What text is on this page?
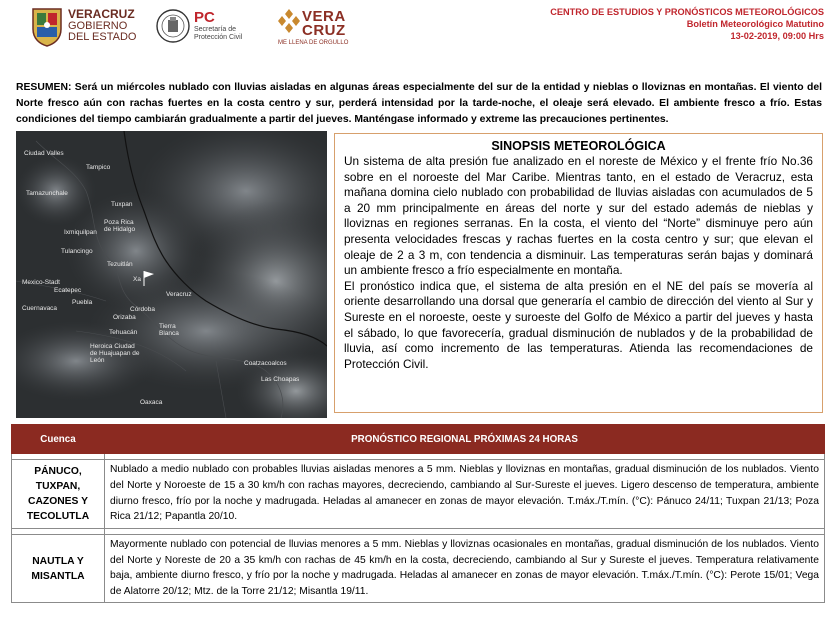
VERACRUZ
GOBIERNO
DEL ESTADO
PC
Secretaría de
Protección Civil
VERA
CRUZ
ME LLENA DE ORGULLO
CENTRO DE ESTUDIOS Y PRONÓSTICOS METEOROLÓGICOS
Boletín Meteorológico Matutino
13-02-2019, 09:00 Hrs
RESUMEN: Será un miércoles nublado con lluvias aisladas en algunas áreas especialmente del sur de la entidad y nieblas o lloviznas en montañas. El viento del Norte fresco aún con rachas fuertes en la costa centro y sur, perderá intensidad por la tarde-noche, el oleaje será elevado. El ambiente fresco a frío. Estas condiciones del tiempo cambiarán gradualmente a partir del jueves. Manténgase informado y extreme las precauciones pertinentes.
Ciudad Valles
Tampico
Tamazunchale
Tuxpan
Poza Rica de Hidalgo
Ixmiquilpan
Tulancingo
Tezuitlán
Xa
Mexico-Stadt
Ecatepec
Cuernavaca
Puebla
Orizaba
Córdoba
Veracruz
Tehuacán
Tierra Blanca
Heroica Ciudad de Huajuapan de León	Coatzacoalcos
Las Choapas
Oaxaca
SINOPSIS METEOROLÓGICA

Un sistema de alta presión fue analizado en el noreste de México y el frente frío No.36 sobre en el noroeste del Mar Caribe. Mientras tanto, en el estado de Veracruz, esta mañana domina cielo nublado con probabilidad de lluvias aisladas con acumulados de 5 a 20 mm principalmente en áreas del norte y sur del estado además de nieblas y lloviznas en regiones serranas. En la costa, el viento del “Norte” disminuye pero aún presenta velocidades frescas y rachas fuertes en la costa centro y sur; que elevan el oleaje de 2 a 3 m, con tendencia a disminuir. Las temperaturas serán bajas y dominará un ambiente fresco a frío especialmente en montaña.

El pronóstico indica que, el sistema de alta presión en el NE del país se movería al oriente desarrollando una dorsal que generaría el cambio de dirección del viento al Sur y Sureste en el noroeste, oeste y suroeste del Golfo de México a partir del jueves y hasta el sábado, lo que favorecería, gradual disminución de nublados y de la probabilidad de lluvia, así como incremento de las temperaturas. Atienda las recomendaciones de Protección Civil.

Cuenca	PRONÓSTICO REGIONAL PRÓXIMAS 24 HORAS

PÁNUCO, TUXPAN, CAZONES Y TECOLUTLA	Nublado a medio nublado con probables lluvias aisladas menores a 5 mm. Nieblas y lloviznas en montañas, gradual disminución de los nublados. Viento del Norte y Noroeste de 15 a 30 km/h con rachas mayores, decreciendo, cambiando al Sur-Sureste el jueves. Ligero descenso de temperatura, ambiente diurno fresco, frío por la noche y madrugada. Heladas al amanecer en zonas de mayor elevación. T.máx./T.mín. (°C): Pánuco 24/11; Tuxpan 21/13; Poza Rica 21/12; Papantla 20/10.

NAUTLA Y MISANTLA	Mayormente nublado con potencial de lluvias menores a 5 mm. Nieblas y lloviznas ocasionales en montañas, gradual disminución de los nublados. Viento del Norte y Noreste de 20 a 35 km/h con rachas de 45 km/h en la costa, decreciendo, cambiando al Sur y Sureste el jueves. Temperatura relativamente baja, ambiente diurno fresco, y frío por la noche y madrugada. Heladas al amanecer en zonas de mayor elevación. T.máx./T.mín. (°C): Perote 15/01; Vega de Alatorre 20/12; Mtz. de la Torre 21/12; Misantla 19/11.
